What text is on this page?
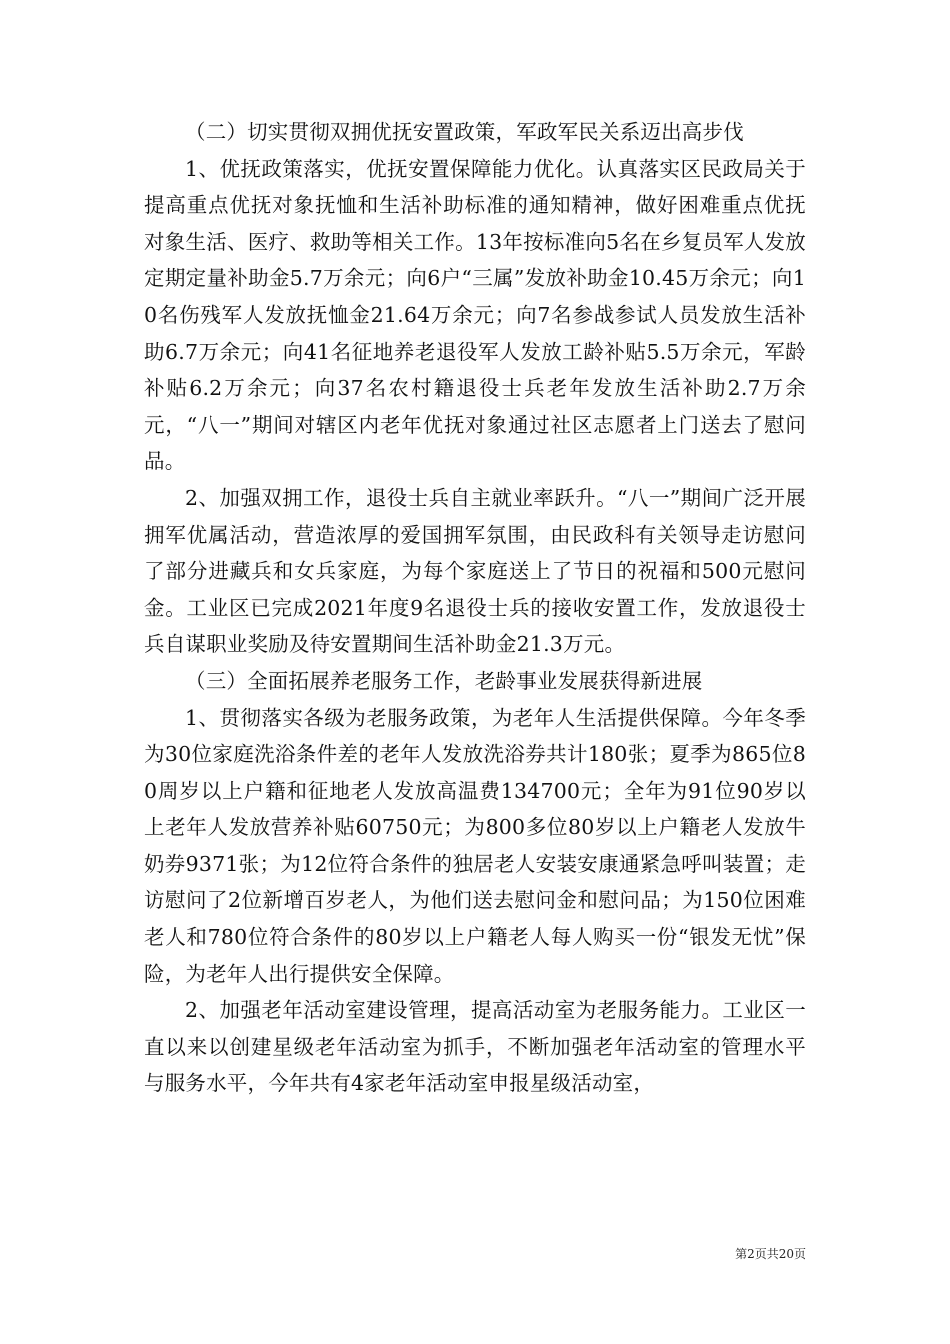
（二）切实贯彻双拥优抚安置政策，军政军民关系迈出高步伐

1、优抚政策落实，优抚安置保障能力优化。认真落实区民政局关于提高重点优抚对象抚恤和生活补助标准的通知精神，做好困难重点优抚对象生活、医疗、救助等相关工作。13年按标准向5名在乡复员军人发放定期定量补助金5.7万余元；向6户“三属”发放补助金10.45万余元；向10名伤残军人发放抚恤金21.64万余元；向7名参战参试人员发放生活补助6.7万余元；向41名征地养老退役军人发放工龄补贴5.5万余元，军龄补贴6.2万余元；向37名农村籍退役士兵老年发放生活补助2.7万余元，“八一”期间对辖区内老年优抚对象通过社区志愿者上门送去了慰问品。

2、加强双拥工作，退役士兵自主就业率跃升。“八一”期间广泛开展拥军优属活动，营造浓厚的爱国拥军氛围，由民政科有关领导走访慰问了部分进藏兵和女兵家庭，为每个家庭送上了节日的祝福和500元慰问金。工业区已完成2021年度9名退役士兵的接收安置工作，发放退役士兵自谋职业奖励及待安置期间生活补助金21.3万元。

（三）全面拓展养老服务工作，老龄事业发展获得新进展

1、贯彻落实各级为老服务政策，为老年人生活提供保障。今年冬季为30位家庭洗浴条件差的老年人发放洗浴券共计180张；夏季为865位80周岁以上户籍和征地老人发放高温费134700元；全年为91位90岁以上老年人发放营养补贴60750元；为800多位80岁以上户籍老人发放牛奶券9371张；为12位符合条件的独居老人安装安康通紧急呼叫装置；走访慰问了2位新增百岁老人，为他们送去慰问金和慰问品；为150位困难老人和780位符合条件的80岁以上户籍老人每人购买一份“银发无忧”保险，为老年人出行提供安全保障。

2、加强老年活动室建设管理，提高活动室为老服务能力。工业区一直以来以创建星级老年活动室为抓手，不断加强老年活动室的管理水平与服务水平，今年共有4家老年活动室申报星级活动室，

第2页共20页
